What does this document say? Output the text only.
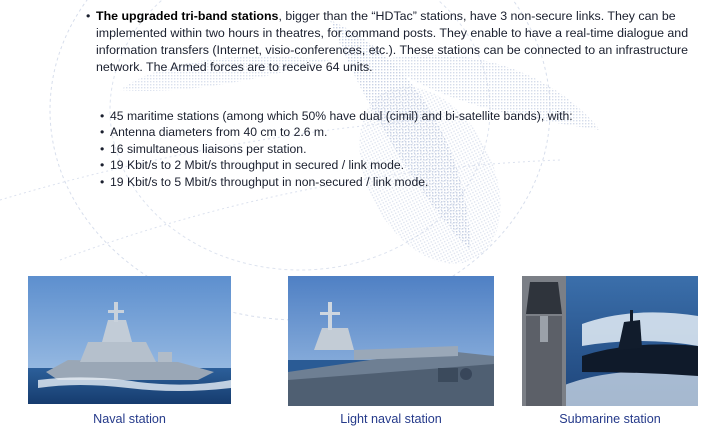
• The upgraded tri-band stations, bigger than the “HDTac” stations, have 3 non-secure links. They can be implemented within two hours in theatres, for command posts. They enable to have a real-time dialogue and information transfers (Internet, visio-conferences, etc.). These stations can be connected to an infrastructure network. The Armed forces are to receive 64 units.

• 45 maritime stations (among which 50% have dual (cimil) and bi-satellite bands), with:
• Antenna diameters from 40 cm to 2.6 m.
• 16 simultaneous liaisons per station.
• 19 Kbit/s to 2 Mbit/s throughput in secured / link mode.
• 19 Kbit/s to 5 Mbit/s throughput in non-secured / link mode.
Naval station	Light naval station	Submarine station
